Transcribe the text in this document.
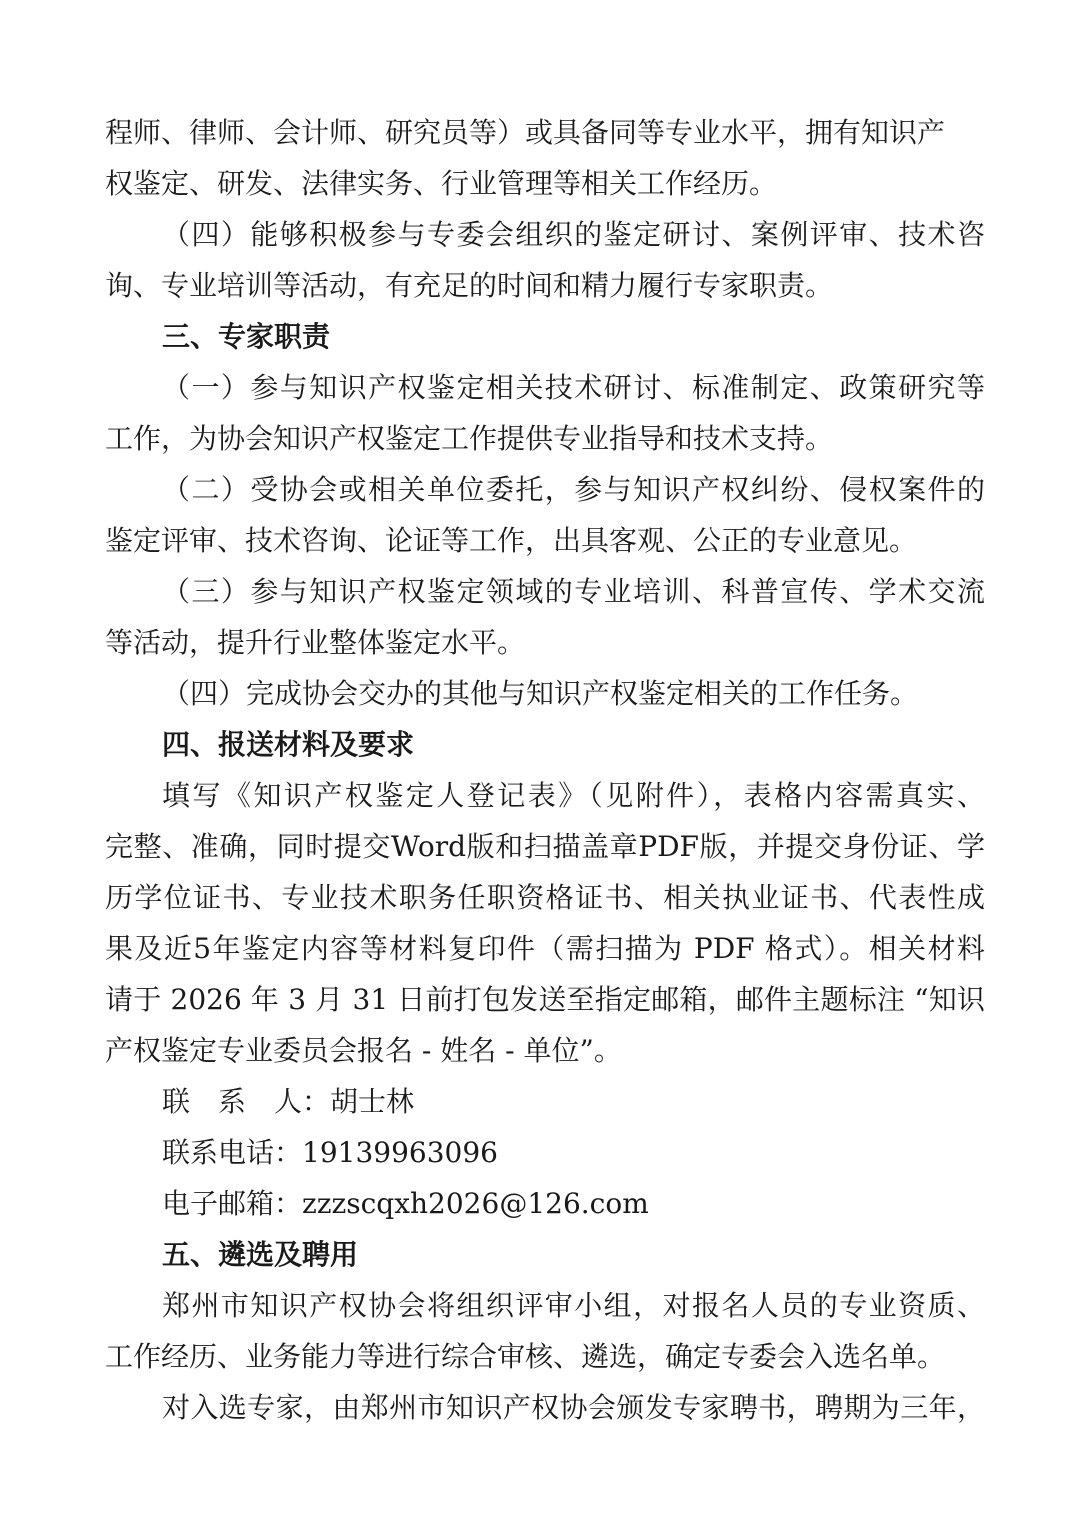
程师、律师、会计师、研究员等）或具备同等专业水平，拥有知识产
权鉴定、研发、法律实务、行业管理等相关工作经历。
（四）能够积极参与专委会组织的鉴定研讨、案例评审、技术咨
询、专业培训等活动，有充足的时间和精力履行专家职责。
三、专家职责
（一）参与知识产权鉴定相关技术研讨、标准制定、政策研究等
工作，为协会知识产权鉴定工作提供专业指导和技术支持。
（二）受协会或相关单位委托，参与知识产权纠纷、侵权案件的
鉴定评审、技术咨询、论证等工作，出具客观、公正的专业意见。
（三）参与知识产权鉴定领域的专业培训、科普宣传、学术交流
等活动，提升行业整体鉴定水平。
（四）完成协会交办的其他与知识产权鉴定相关的工作任务。
四、报送材料及要求
填写《知识产权鉴定人登记表》（见附件），表格内容需真实、
完整、准确，同时提交Word版和扫描盖章PDF版，并提交身份证、学
历学位证书、专业技术职务任职资格证书、相关执业证书、代表性成
果及近5年鉴定内容等材料复印件（需扫描为 PDF 格式）。相关材料
请于 2026 年 3 月 31 日前打包发送至指定邮箱，邮件主题标注 “知识
产权鉴定专业委员会报名 - 姓名 - 单位”。
联　系　人：胡士林
联系电话：19139963096
电子邮箱：zzzscqxh2026@126.com
五、遴选及聘用
郑州市知识产权协会将组织评审小组，对报名人员的专业资质、
工作经历、业务能力等进行综合审核、遴选，确定专委会入选名单。
对入选专家，由郑州市知识产权协会颁发专家聘书，聘期为三年，
